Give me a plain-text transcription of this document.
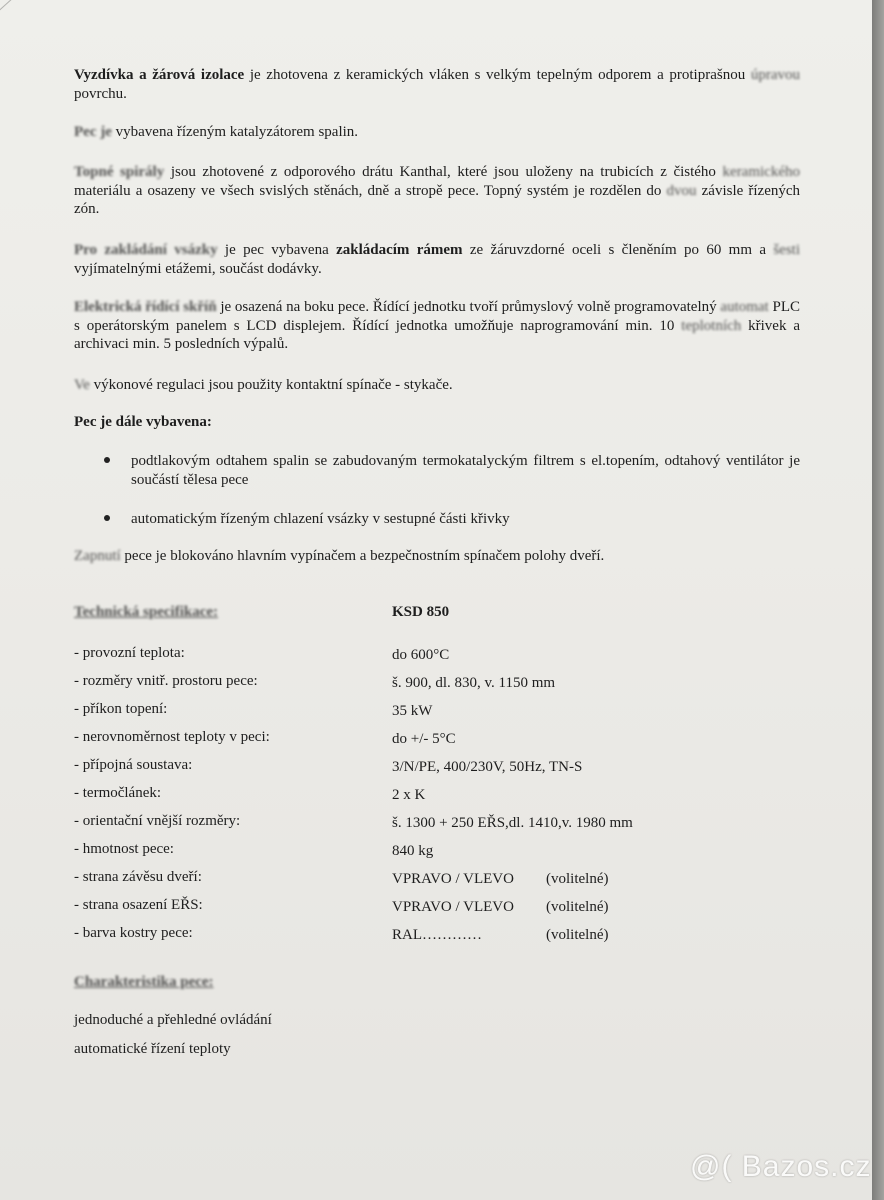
Vyzdívka a žárová izolace je zhotovena z keramických vláken s velkým tepelným odporem a protiprašnou úpravou povrchu.
Pec je vybavena řízeným katalyzátorem spalin.
Topné spirály jsou zhotovené z odporového drátu Kanthal, které jsou uloženy na trubicích z čistého keramického materiálu a osazeny ve všech svislých stěnách, dně a stropě pece. Topný systém je rozdělen do dvou závisle řízených zón.
Pro zakládání vsázky je pec vybavena zakládacím rámem ze žáruvzdorné oceli s členěním po 60 mm a šesti vyjímatelnými etážemi, součást dodávky.
Elektrická řídící skříň je osazená na boku pece. Řídící jednotku tvoří průmyslový volně programovatelný automat PLC s operátorským panelem s LCD displejem. Řídící jednotka umožňuje naprogramování min. 10 teplotních křivek a archivaci min. 5 posledních výpalů.
Ve výkonové regulaci jsou použity kontaktní spínače - stykače.
Pec je dále vybavena:
podtlakovým odtahem spalin se zabudovaným termokatalyckým filtrem s el.topením, odtahový ventilátor je součástí tělesa pece
automatickým řízeným chlazení vsázky v sestupné části křivky
Zapnutí pece je blokováno hlavním vypínačem a bezpečnostním spínačem polohy dveří.
Technická specifikace:	KSD 850
- provozní teplota:	do 600°C
- rozměry vnitř. prostoru pece:	š. 900, dl. 830, v. 1150 mm
- příkon topení:	35 kW
- nerovnoměrnost teploty v peci:	do +/- 5°C
- přípojná soustava:	3/N/PE, 400/230V, 50Hz, TN-S
- termočlánek:	2 x K
- orientační vnější rozměry:	š. 1300 + 250 EŘS,dl. 1410,v. 1980 mm
- hmotnost pece:	840 kg
- strana závěsu dveří:	VPRAVO / VLEVO (volitelné)
- strana osazení EŘS:	VPRAVO / VLEVO (volitelné)
- barva kostry pece:	RAL…………	(volitelné)
Charakteristika pece:
jednoduché a přehledné ovládání
automatické řízení teploty
@( Bazos.cz
